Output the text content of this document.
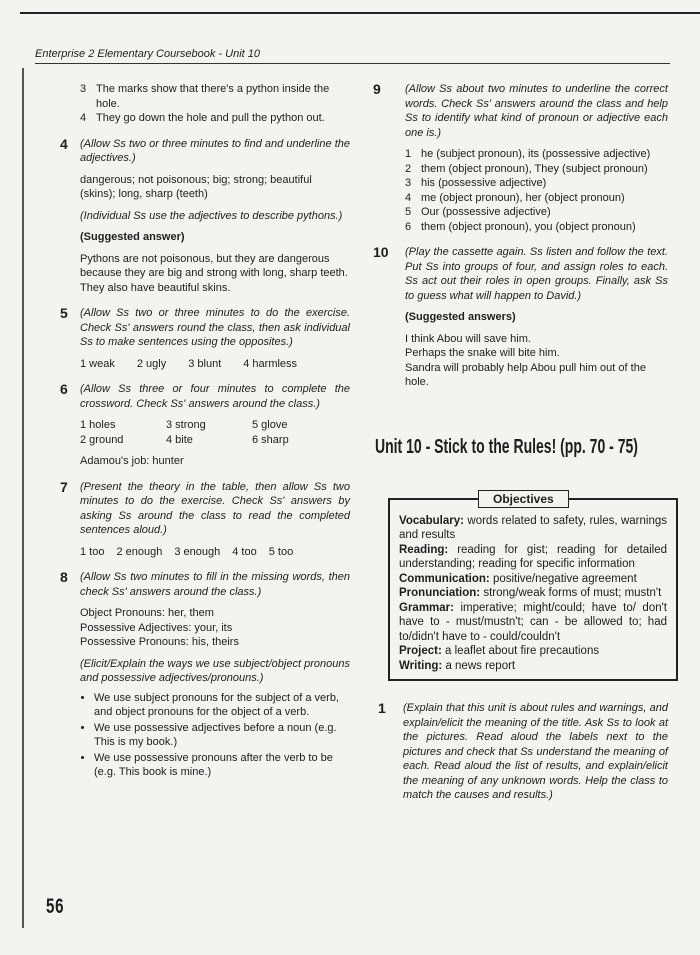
Enterprise 2 Elementary Coursebook - Unit 10
3 The marks show that there's a python inside the hole.
4 They go down the hole and pull the python out.
4 (Allow Ss two or three minutes to find and underline the adjectives.)
dangerous; not poisonous; big; strong; beautiful (skins); long, sharp (teeth)
(Individual Ss use the adjectives to describe pythons.)
(Suggested answer)
Pythons are not poisonous, but they are dangerous because they are big and strong with long, sharp teeth. They also have beautiful skins.
5 (Allow Ss two or three minutes to do the exercise. Check Ss' answers round the class, then ask individual Ss to make sentences using the opposites.)
1 weak 2 ugly 3 blunt 4 harmless
6 (Allow Ss three or four minutes to complete the crossword. Check Ss' answers around the class.)
1 holes	3 strong	5 glove
2 ground	4 bite	6 sharp
Adamou's job: hunter
7 (Present the theory in the table, then allow Ss two minutes to do the exercise. Check Ss' answers by asking Ss around the class to read the completed sentences aloud.)
1 too 2 enough 3 enough 4 too 5 too
8 (Allow Ss two minutes to fill in the missing words, then check Ss' answers around the class.)
Object Pronouns: her, them
Possessive Adjectives: your, its
Possessive Pronouns: his, theirs
(Elicit/Explain the ways we use subject/object pronouns and possessive adjectives/pronouns.)
• We use subject pronouns for the subject of a verb, and object pronouns for the object of a verb.
• We use possessive adjectives before a noun (e.g. This is my book.)
• We use possessive pronouns after the verb to be (e.g. This book is mine.)
9 (Allow Ss about two minutes to underline the correct words. Check Ss' answers around the class and help Ss to identify what kind of pronoun or adjective each one is.)
1 he (subject pronoun), its (possessive adjective)
2 them (object pronoun), They (subject pronoun)
3 his (possessive adjective)
4 me (object pronoun), her (object pronoun)
5 Our (possessive adjective)
6 them (object pronoun), you (object pronoun)
10 (Play the cassette again. Ss listen and follow the text. Put Ss into groups of four, and assign roles to each. Ss act out their roles in open groups. Finally, ask Ss to guess what will happen to David.)
(Suggested answers)
I think Abou will save him.
Perhaps the snake will bite him.
Sandra will probably help Abou pull him out of the hole.
Unit 10 - Stick to the Rules! (pp. 70 - 75)
Objectives

Vocabulary: words related to safety, rules, warnings and results

Reading: reading for gist; reading for detailed understanding; reading for specific information

Communication: positive/negative agreement

Pronunciation: strong/weak forms of must; mustn't

Grammar: imperative; might/could; have to/ don't have to - must/mustn't; can - be allowed to; had to/didn't have to - could/couldn't

Project: a leaflet about fire precautions

Writing: a news report

1 (Explain that this unit is about rules and warnings, and explain/elicit the meaning of the title. Ask Ss to look at the pictures. Read aloud the labels next to the pictures and check that Ss understand the meaning of each. Read aloud the list of results, and explain/elicit the meaning of any unknown words. Help the class to match the causes and results.)
56
